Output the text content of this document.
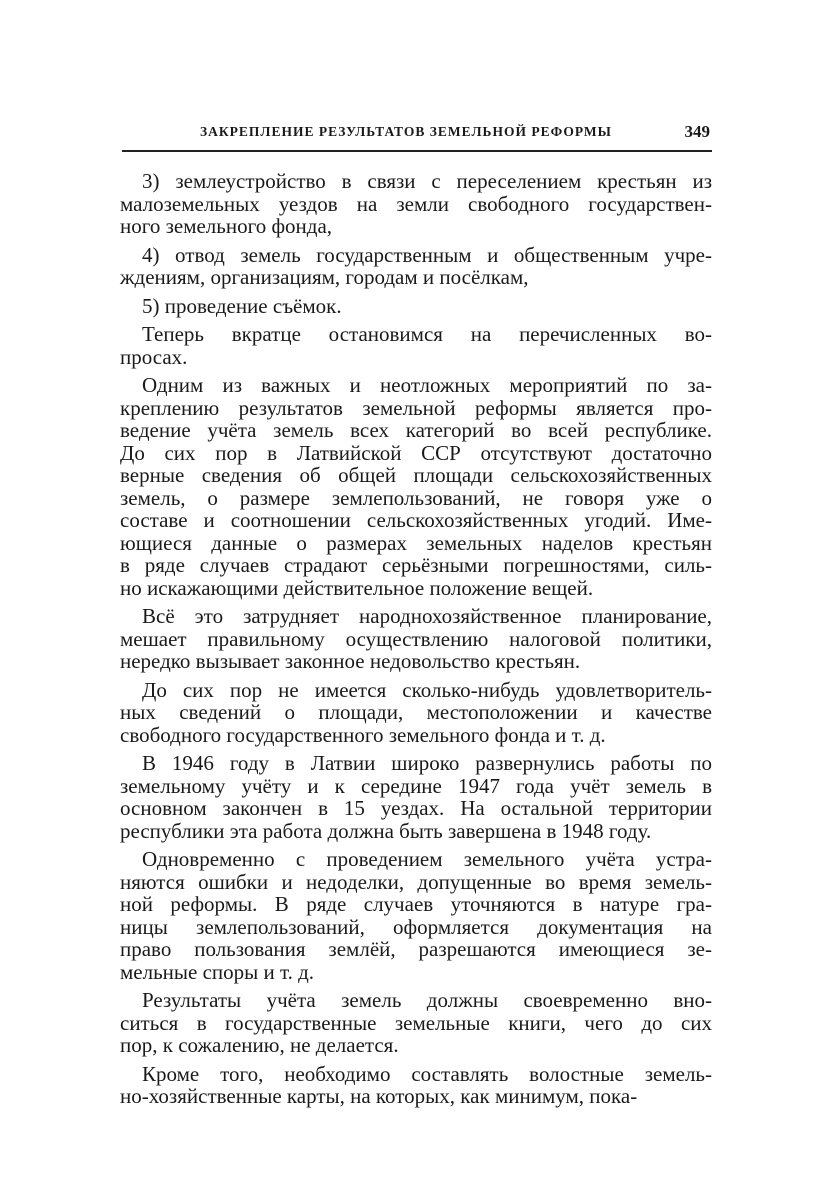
ЗАКРЕПЛЕНИЕ РЕЗУЛЬТАТОВ ЗЕМЕЛЬНОЙ РЕФОРМЫ	349
3) землеустройство в связи с переселением крестьян из
малоземельных уездов на земли свободного государствен-
ного земельного фонда,
4) отвод земель государственным и общественным учре-
ждениям, организациям, городам и посёлкам,
5) проведение съёмок.
Теперь вкратце остановимся на перечисленных во-
просах.
Одним из важных и неотложных мероприятий по за-
креплению результатов земельной реформы является про-
ведение учёта земель всех категорий во всей республике.
До сих пор в Латвийской ССР отсутствуют достаточно
верные сведения об общей площади сельскохозяйственных
земель, о размере землепользований, не говоря уже о
составе и соотношении сельскохозяйственных угодий. Име-
ющиеся данные о размерах земельных наделов крестьян
в ряде случаев страдают серьёзными погрешностями, силь-
но искажающими действительное положение вещей.
Всё это затрудняет народнохозяйственное планирование,
мешает правильному осуществлению налоговой политики,
нередко вызывает законное недовольство крестьян.
До сих пор не имеется сколько-нибудь удовлетворитель-
ных сведений о площади, местоположении и качестве
свободного государственного земельного фонда и т. д.
В 1946 году в Латвии широко развернулись работы по
земельному учёту и к середине 1947 года учёт земель в
основном закончен в 15 уездах. На остальной территории
республики эта работа должна быть завершена в 1948 году.
Одновременно с проведением земельного учёта устра-
няются ошибки и недоделки, допущенные во время земель-
ной реформы. В ряде случаев уточняются в натуре гра-
ницы землепользований, оформляется документация на
право пользования землёй, разрешаются имеющиеся зе-
мельные споры и т. д.
Результаты учёта земель должны своевременно вно-
ситься в государственные земельные книги, чего до сих
пор, к сожалению, не делается.
Кроме того, необходимо составлять волостные земель-
но-хозяйственные карты, на которых, как минимум, пока-
